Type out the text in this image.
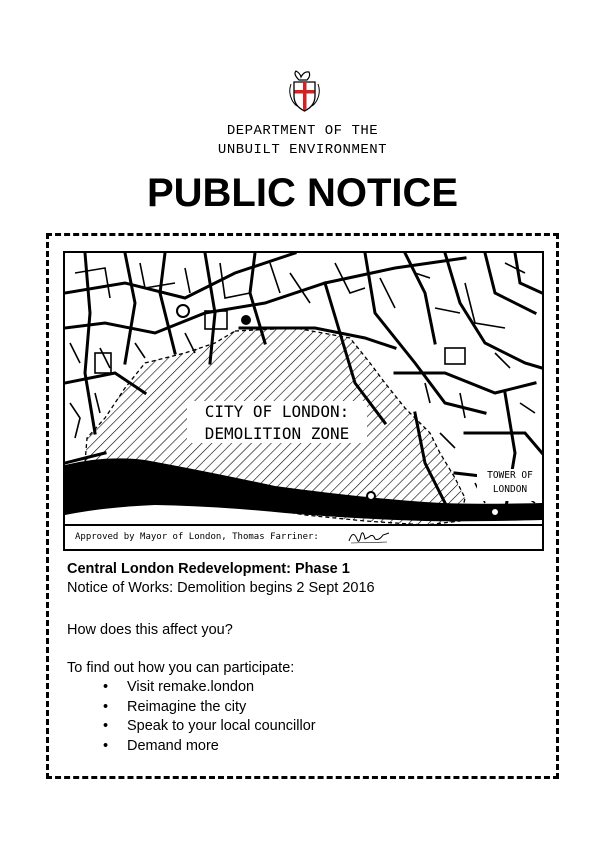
DEPARTMENT OF THE
UNBUILT ENVIRONMENT
PUBLIC NOTICE
CITY OF LONDON:
DEMOLITION ZONE
TOWER OF
LONDON
Approved by Mayor of London, Thomas Farriner:
Central London Redevelopment: Phase 1
Notice of Works: Demolition begins 2 Sept 2016
How does this affect you?
To find out how you can participate:
• Visit remake.london
• Reimagine the city
• Speak to your local councillor
• Demand more
